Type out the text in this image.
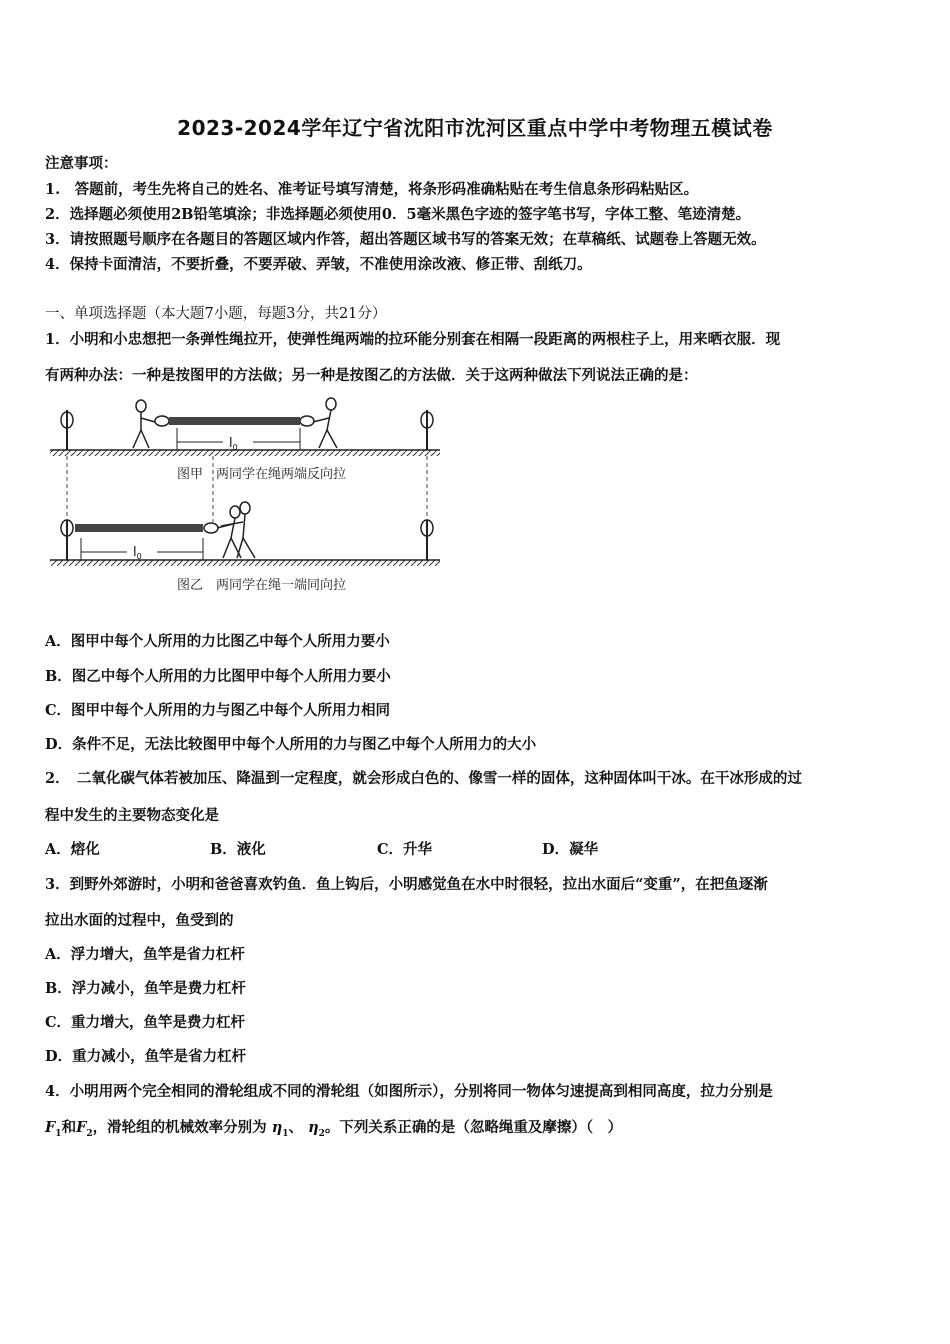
2023-2024学年辽宁省沈阳市沈河区重点中学中考物理五模试卷
注意事项：
1.　答题前，考生先将自己的姓名、准考证号填写清楚，将条形码准确粘贴在考生信息条形码粘贴区。
2．选择题必须使用2B铅笔填涂；非选择题必须使用0．5毫米黑色字迹的签字笔书写，字体工整、笔迹清楚。
3．请按照题号顺序在各题目的答题区域内作答，超出答题区域书写的答案无效；在草稿纸、试题卷上答题无效。
4．保持卡面清洁，不要折叠，不要弄破、弄皱，不准使用涂改液、修正带、刮纸刀。
一、单项选择题（本大题7小题，每题3分，共21分）
1．小明和小忠想把一条弹性绳拉开，使弹性绳两端的拉环能分别套在相隔一段距离的两根柱子上，用来晒衣服．现
有两种办法：一种是按图甲的方法做；另一种是按图乙的方法做．关于这两种做法下列说法正确的是：
$l_0$
图甲　两同学在绳两端反向拉
$l_0$
图乙　两同学在绳一端同向拉
A．图甲中每个人所用的力比图乙中每个人所用力要小
B．图乙中每个人所用的力比图甲中每个人所用力要小
C．图甲中每个人所用的力与图乙中每个人所用力相同
D．条件不足，无法比较图甲中每个人所用的力与图乙中每个人所用力的大小
2．　二氧化碳气体若被加压、降温到一定程度，就会形成白色的、像雪一样的固体，这种固体叫干冰。在干冰形成的过
程中发生的主要物态变化是
A．熔化	B．液化	C．升华	D．凝华
3．到野外郊游时，小明和爸爸喜欢钓鱼．鱼上钩后，小明感觉鱼在水中时很轻，拉出水面后“变重”，在把鱼逐渐
拉出水面的过程中，鱼受到的
A．浮力增大，鱼竿是省力杠杆
B．浮力减小，鱼竿是费力杠杆
C．重力增大，鱼竿是费力杠杆
D．重力减小，鱼竿是省力杠杆
4．小明用两个完全相同的滑轮组成不同的滑轮组（如图所示），分别将同一物体匀速提高到相同高度，拉力分别是
$F_1$和$F_2$，滑轮组的机械效率分别为 $\eta_1$、 $\eta_2$。下列关系正确的是（忽略绳重及摩擦）（　）
